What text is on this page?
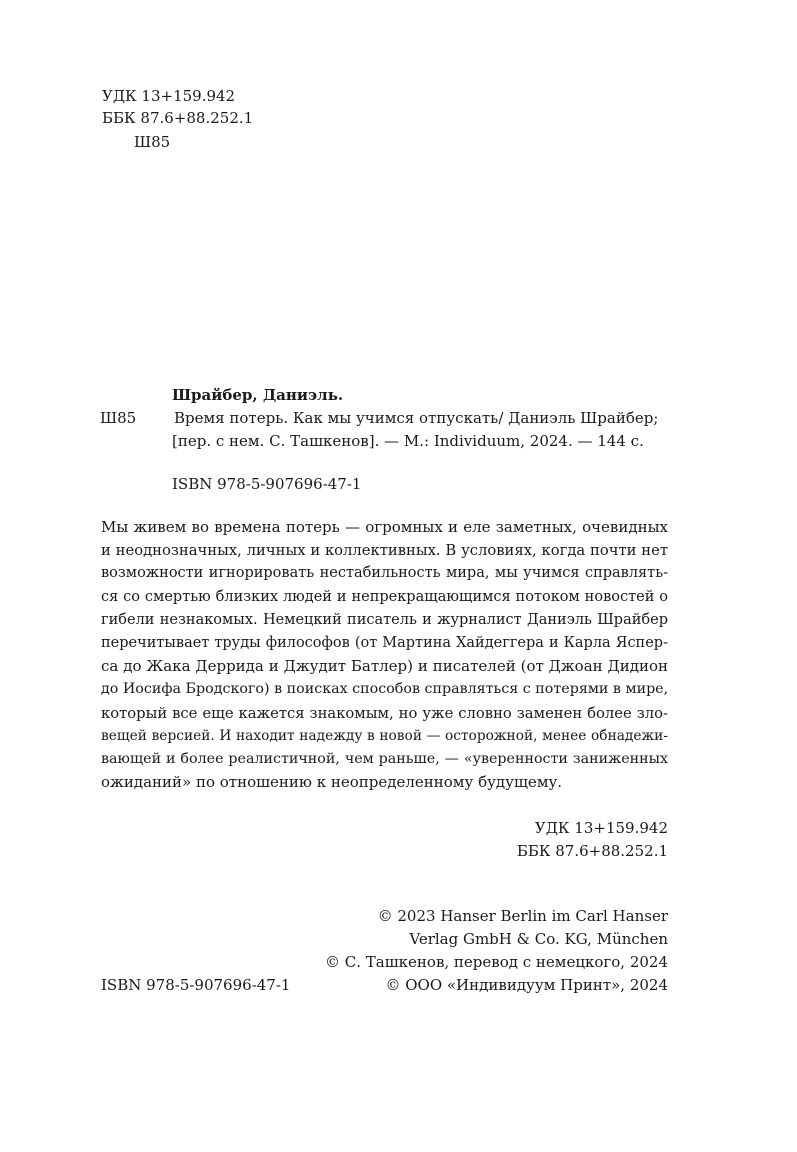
УДК 13+159.942
ББК 87.6+88.252.1
Ш85
Шрайбер, Даниэль.
Ш85	Время потерь. Как мы учимся отпускать/ Даниэль Шрайбер;
[пер. с нем. С. Ташкенов]. — М.: Individuum, 2024. — 144 с.
ISBN 978-5-907696-47-1
Мы живем во времена потерь — огромных и еле заметных, очевидных
и неоднозначных, личных и коллективных. В условиях, когда почти нет
возможности игнорировать нестабильность мира, мы учимся справлять-
ся со смертью близких людей и непрекращающимся потоком новостей о
гибели незнакомых. Немецкий писатель и журналист Даниэль Шрайбер
перечитывает труды философов (от Мартина Хайдеггера и Карла Яспер-
са до Жака Деррида и Джудит Батлер) и писателей (от Джоан Дидион
до Иосифа Бродского) в поисках способов справляться с потерями в мире,
который все еще кажется знакомым, но уже словно заменен более зло-
вещей версией. И находит надежду в новой — осторожной, менее обнадежи-
вающей и более реалистичной, чем раньше, — «уверенности заниженных
ожиданий» по отношению к неопределенному будущему.
УДК 13+159.942
ББК 87.6+88.252.1
© 2023 Hanser Berlin im Carl Hanser
Verlag GmbH & Co. KG, München
© С. Ташкенов, перевод с немецкого, 2024
© ООО «Индивидуум Принт», 2024
ISBN 978-5-907696-47-1
